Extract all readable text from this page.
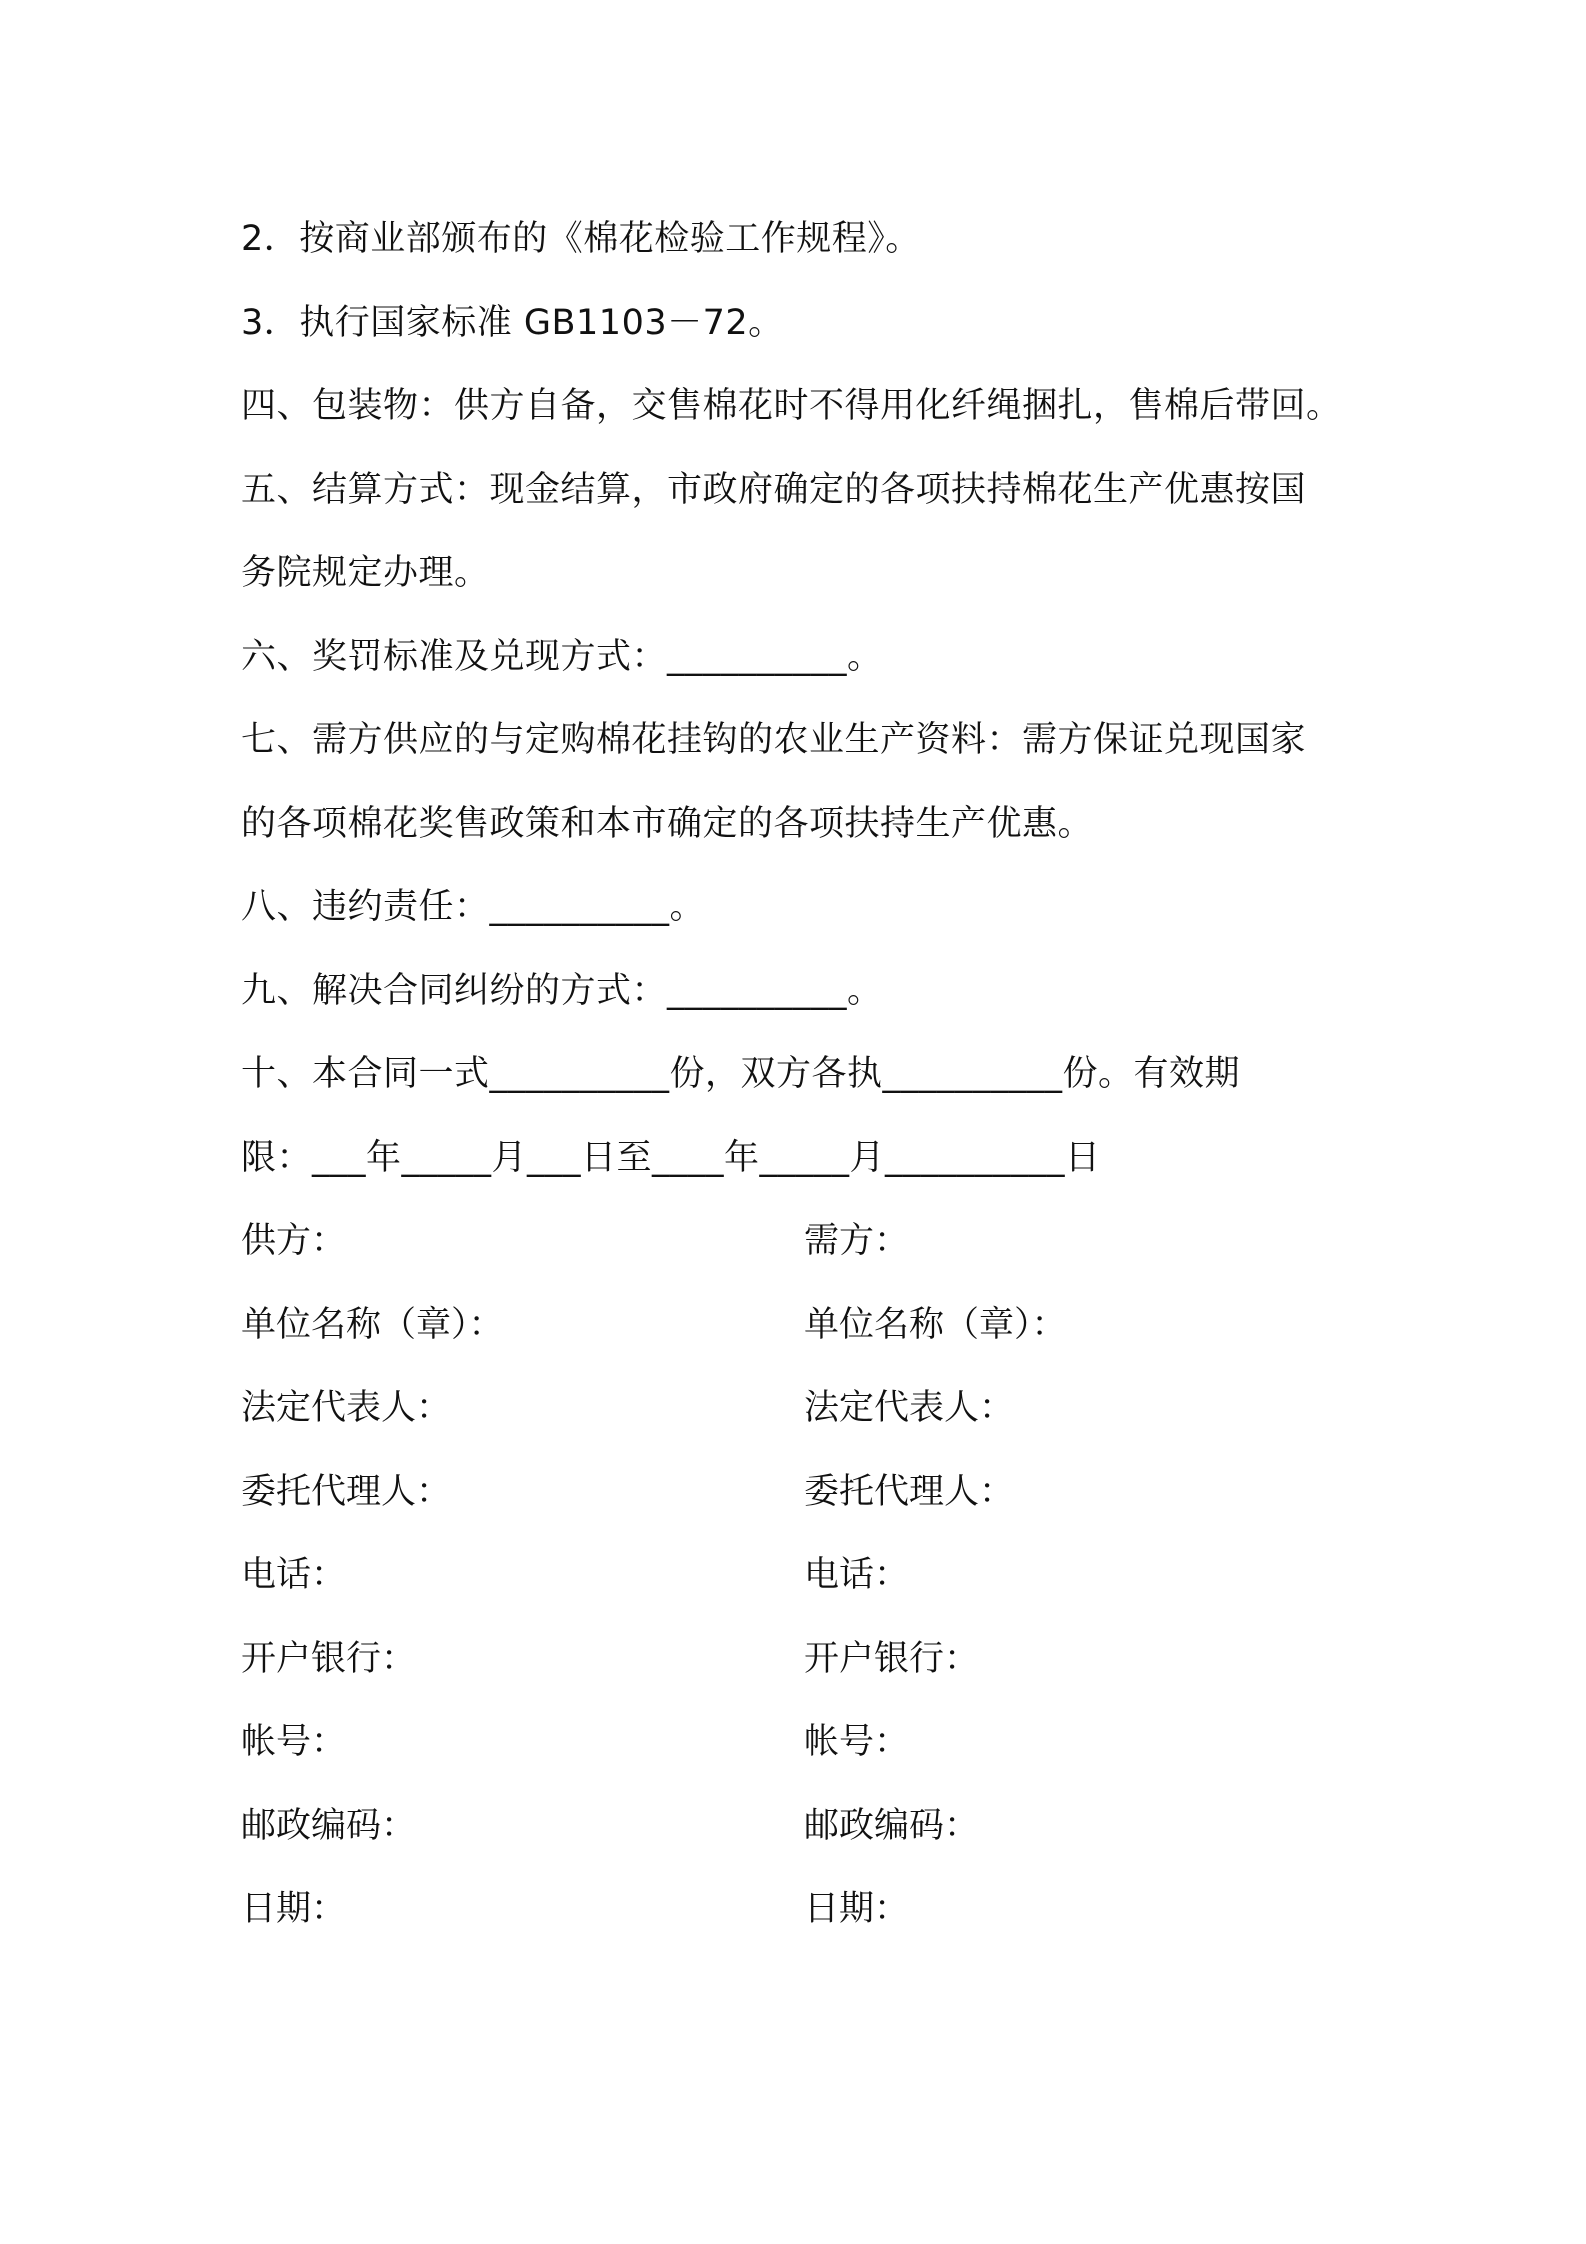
2．按商业部颁布的《棉花检验工作规程》。
3．执行国家标准 GB1103－72。
四、包装物：供方自备，交售棉花时不得用化纤绳捆扎，售棉后带回。
五、结算方式：现金结算，市政府确定的各项扶持棉花生产优惠按国
务院规定办理。
六、奖罚标准及兑现方式：__________。
七、需方供应的与定购棉花挂钩的农业生产资料：需方保证兑现国家
的各项棉花奖售政策和本市确定的各项扶持生产优惠。
八、违约责任：__________。
九、解决合同纠纷的方式：__________。
十、本合同一式__________份，双方各执__________份。有效期
限：___年_____月___日至____年_____月__________日
供方：	需方：
单位名称（章）：	单位名称（章）：
法定代表人：	法定代表人：
委托代理人：	委托代理人：
电话：	电话：
开户银行：	开户银行：
帐号：	帐号：
邮政编码：	邮政编码：
日期：	日期：
